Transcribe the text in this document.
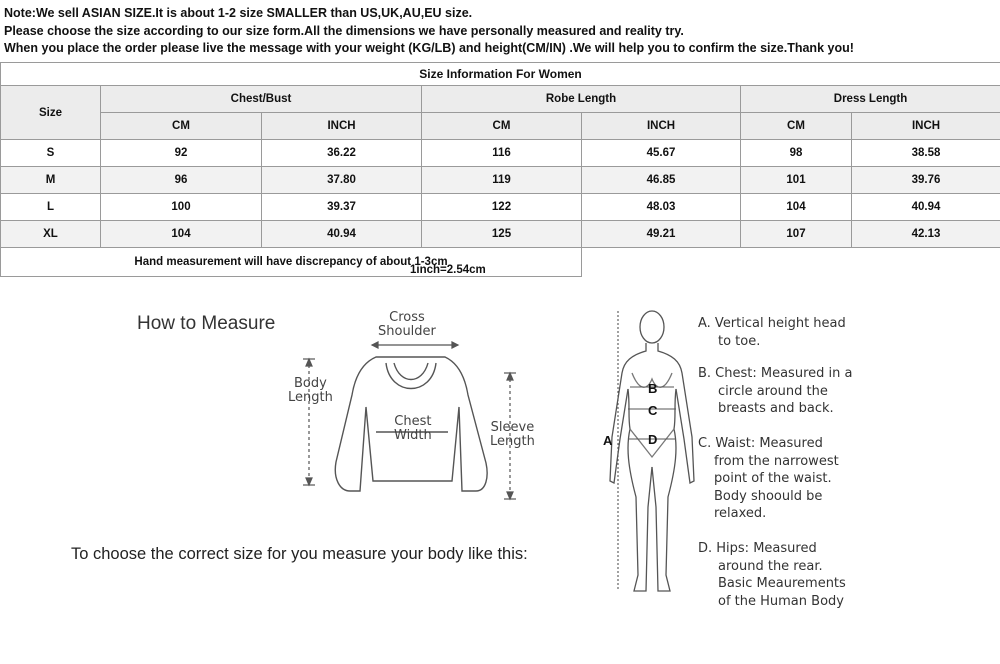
Note:We sell ASIAN SIZE.It is about 1-2 size SMALLER than US,UK,AU,EU size.
Please choose the size according to our size form.All the dimensions we have personally measured and reality try.
When you place the order please live the message with your weight (KG/LB) and height(CM/IN) .We will help you to confirm the size.Thank you!
Size Information For Women						
Size	Chest/Bust		Robe Length		Dress Length	
	CM	INCH	CM	INCH	CM	INCH
S	92	36.22	116	45.67	98	38.58
M	96	37.80	119	46.85	101	39.76
L	100	39.37	122	48.03	104	40.94
XL	104	40.94	125	49.21	107	42.13
Hand measurement will have discrepancy of about 1-3cm					
1inch=2.54cm
How to Measure	Cross
Shoulder
Body
Length
Chest
Width
Sleeve
Length
To choose the correct size for you measure your body like this:
A
B
C
D
A. Vertical height head
to toe.
B. Chest: Measured in a
circle around the
breasts and back.
C. Waist: Measured
from the narrowest
point of the waist.
Body shoould be
relaxed.
D. Hips: Measured
around the rear.
Basic Meaurements
of the Human Body
